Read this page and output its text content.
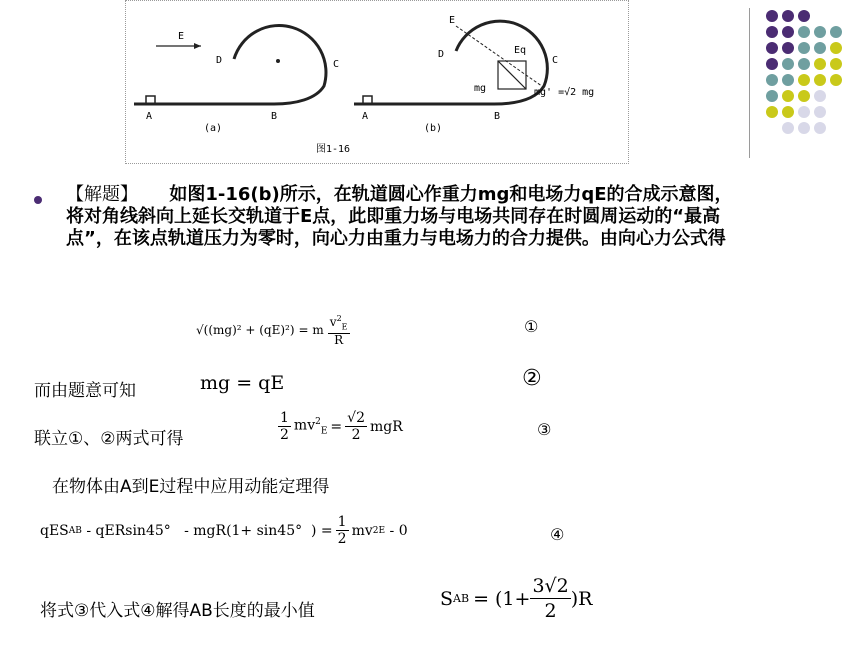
E
D	C
A	B
(a)
E
D
C
Eq
mg	mg' =√2 mg
A	B
(b)
图1-16
【解题】 如图1-16(b)所示，在轨道圆心作重力mg和电场力qE的合成示意图，将对角线斜向上延长交轨道于E点，此即重力场与电场共同存在时圆周运动的“最高点”，在该点轨道压力为零时，向心力由重力与电场力的合力提供。由向心力公式得
√((mg)² + (qE)²) = m
$v^2_E$
R
①
而由题意可知	mg = qE	②
联立①、②两式可得	$\frac{1}{2} mv^2_E = \frac{√2}{2}$ mgR	③
在物体由A到E过程中应用动能定理得
qES AB - qERsin45°   - mgR(1+ sin45°  ) = $\frac{1}{2}$ mv 2 E - 0	④
将式③代入式④解得AB长度的最小值
S AB = $(1+ \frac{3√2}{2} )R$
